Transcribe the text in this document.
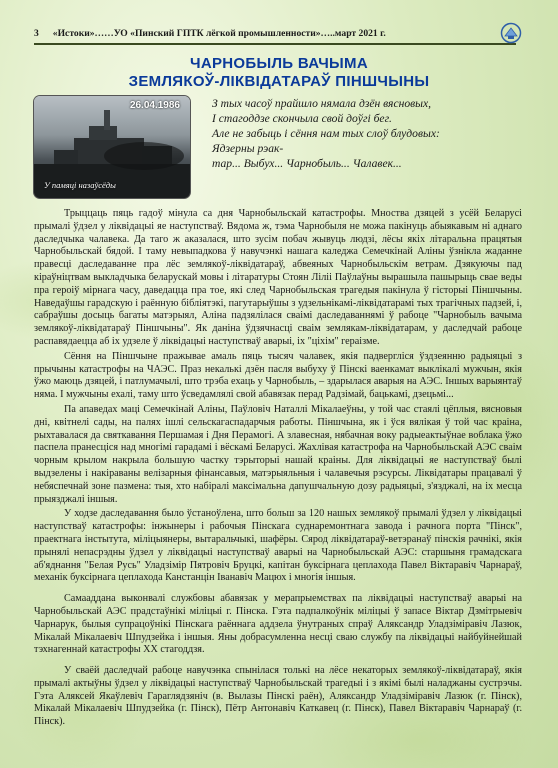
3 «Истоки»……УО «Пинский ГПТК лёгкой промышленности»…..март 2021 г.
ЧАРНОБЫЛЬ ВАЧЫМА
ЗЕМЛЯКОЎ-ЛІКВІДАТАРАЎ ПІНШЧЫНЫ
26.04.1986
У памяці назаўсёды
З тых часоў прайшло нямала дзён вясновых,
І стагоддзе скончыла свой доўгі бег.
Але не забыць і сёння нам тых слоў блудовых:
Ядзерны рэак-
тар... Выбух... Чарнобыль... Чалавек...

Трыццаць пяць гадоў мінула са дня Чарнобыльскай катастрофы. Мноства дзяцей з усёй Беларусі прымалі ўдзел у ліквідацыі яе наступстваў. Вядома ж, тэма Чарнобыля не можа пакінуць абыякавым ні аднаго даследчыка чалавека. Да таго ж аказалася, што зусім побач жывуць людзі, лёсы якіх літаральна працятыя Чарнобыльскай бядой. І таму невыпадкова ў навучэнкі нашага каледжа Семечкінай Аліны ўзнікла жаданне правесці даследаванне пра лёс землякоў-ліквідатараў, абвеяных Чарнобыльскім ветрам. Дзякуючы пад кіраўніцтвам выкладчыка беларускай мовы і літаратуры Стоян Ліліі Паўлаўны вырашыла пашырыць свае веды пра героіў мірнага часу, даведацца пра тое, які след Чарнобыльская трагедыя пакінула ў гісторыі Піншчыны. Наведаўшы гарадскую і раённую бібліятэкі, пагутарыўшы з удзельнікамі-ліквідатарамі тых трагічных падзей, і, сабраўшы досыць багаты матэрыял, Аліна падзялілася сваімі даследаваннямі ў рабоце "Чарнобыль вачыма землякоў-ліквідатараў Піншчыны". Як даніна ўдзячнасці сваім землякам-ліквідатарам, у даследчай рабоце распавядаецца аб іх удзеле ў ліквідацыі наступстваў аварыі, іх "ціхім" гераізме.

Сёння на Піншчыне пражывае амаль пяць тысяч чалавек, якія падвергліся ўздзеянню радыяцыі з прычыны катастрофы на ЧАЭС. Праз некалькі дзён пасля выбуху ў Пінскі ваенкамат выклікалі мужчын, якія ўжо маюць дзяцей, і патлумачылі, што трэба ехаць у Чарнобыль, – здарылася аварыя на АЭС. Іншых варыянтаў няма. І мужчыны ехалі, таму што ўсведамлялі свой абавязак перад Радзімай, бацькамі, дзецьмі...

Па апаведах маці Семечкінай Аліны, Паўловіч Наталлі Мікалаеўны, у той час стаялі цёплыя, вясновыя дні, квітнелі сады, на палях ішлі сельскагаспадарчыя работы. Піншчына, як і ўся вялікая ў той час краіна, рыхтавалася да святкавання Першамая і Дня Перамогі. А злавесная, нябачная воку радыеактыўнае воблака ўжо паспела пранесціся над многімі гарадамі і вёскамі Беларусі. Жахлівая катастрофа на Чарнобыльскай АЭС сваім чорным крылом накрыла большую частку тэрыторыі нашай краіны. Для ліквідацыі яе наступстваў былі выдзелены і накіраваны велізарныя фінансавыя, матэрыяльныя і чалавечыя рэсурсы. Ліквідатары працавалі ў небяспечнай зоне пазмена: тыя, хто набіралі максімальна дапушчальную дозу радыяцыі, з'язджалі, на іх месца прыязджалі іншыя.

У ходзе даследавання было ўстаноўлена, што больш за 120 нашых землякоў прымалі ўдзел у ліквідацыі наступстваў катастрофы: інжынеры і рабочыя Пінскага суднаремонтнага завода і рачнога порта "Пінск", праектнага інстытута, міліцыянеры, вытаральчыкі, шафёры. Сярод ліквідатараў-ветэранаў пінскія рачнікі, якія прынялі непасрэдны ўдзел у ліквідацыі наступстваў аварыі на Чарнобыльскай АЭС: старшыня грамадскага аб'яднання "Белая Русь" Уладзімір Пятровіч Бруцкі, капітан буксірнага цеплахода Павел Віктаравіч Чарнараў, механік буксірнага цеплахода Канстанцін Іванавіч Мацюх і многія іншыя.

Самааддана выконвалі службовы абавязак у мерапрыемствах па ліквідацыі наступстваў аварыі на Чарнобыльскай АЭС прадстаўнікі міліцыі г. Пінска. Гэта падпалкоўнік міліцыі ў запасе Віктар Дзмітрыевіч Чарнарук, былыя супрацоўнікі Пінскага раённага аддзела ўнутраных спраў Аляксандр Уладзіміравіч Лазюк, Мікалай Мікалаевіч Шпудзейка і іншыя. Яны добрасумленна несці сваю службу па ліквідацыі найбуйнейшай тэхнагеннай катастрофы XX стагоддзя.

У сваёй даследчай рабоце навучэнка спынілася толькі на лёсе некаторых землякоў-ліквідатараў, якія прымалі актыўны ўдзел у ліквідацыі наступстваў Чарнобыльскай трагедыі і з якімі былі наладжаны сустрэчы. Гэта Аляксей Якаўлевіч Гараглядзяніч (в. Вылазы Пінскі раён), Аляксандр Уладзіміравіч Лазюк (г. Пінск), Мікалай Мікалаевіч Шпудзейка (г. Пінск), Пётр Антонавіч Каткавец (г. Пінск), Павел Віктаравіч Чарнараў (г. Пінск).
